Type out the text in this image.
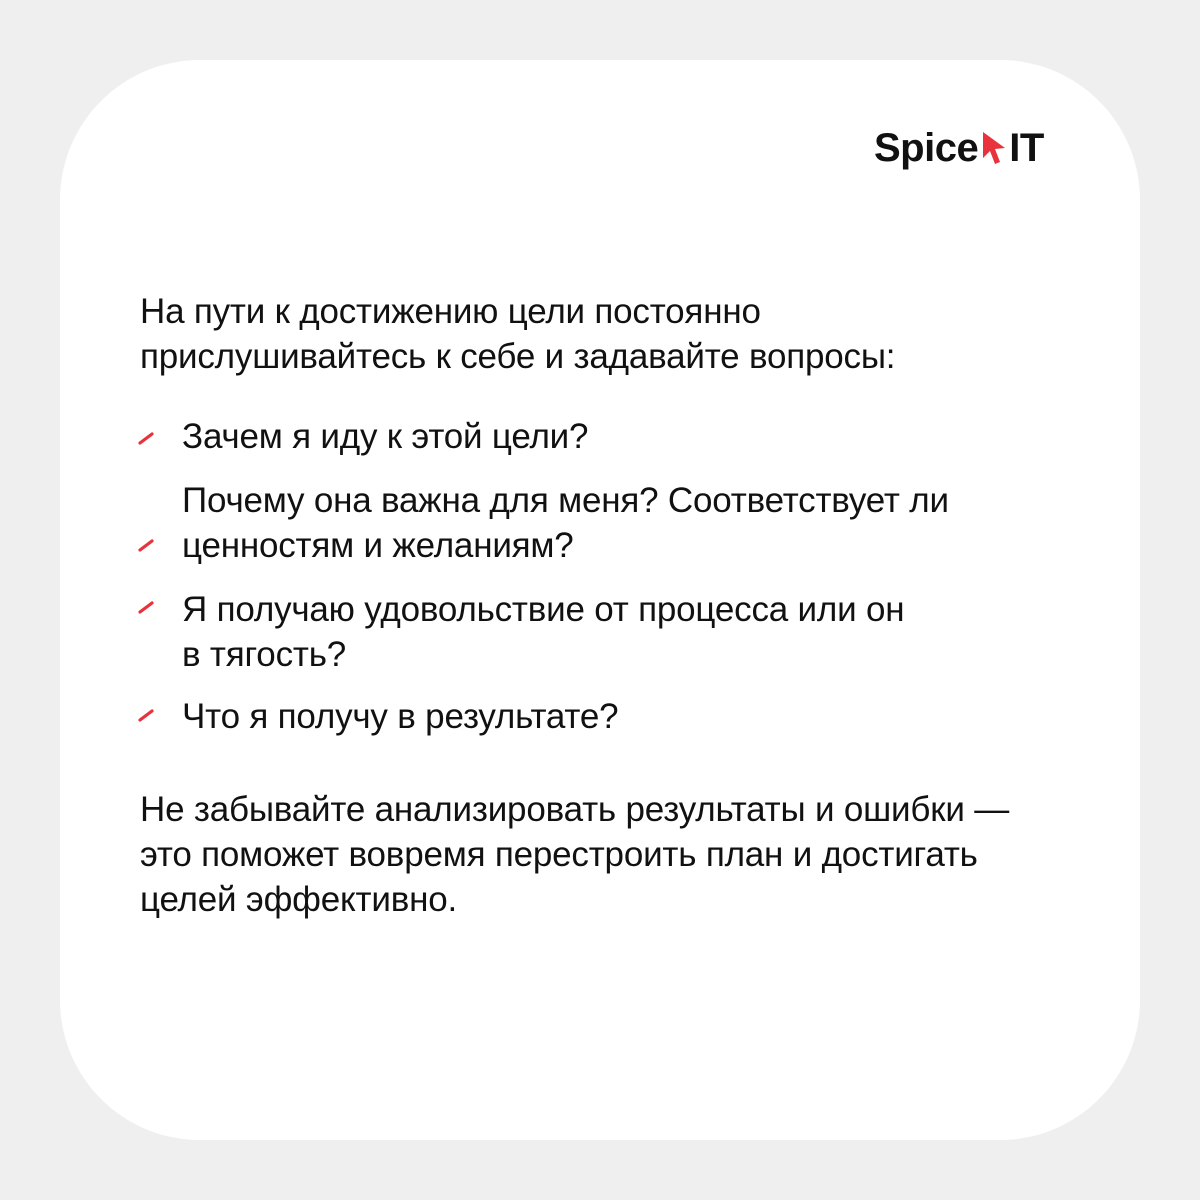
Spice IT
На пути к достижению цели постоянно
прислушивайтесь к себе и задавайте вопросы:
Зачем я иду к этой цели?
Почему она важна для меня? Соответствует ли
ценностям и желаниям?
Я получаю удовольствие от процесса или он
в тягость?
Что я получу в результате?
Не забывайте анализировать результаты и ошибки —
это поможет вовремя перестроить план и достигать
целей эффективно.
